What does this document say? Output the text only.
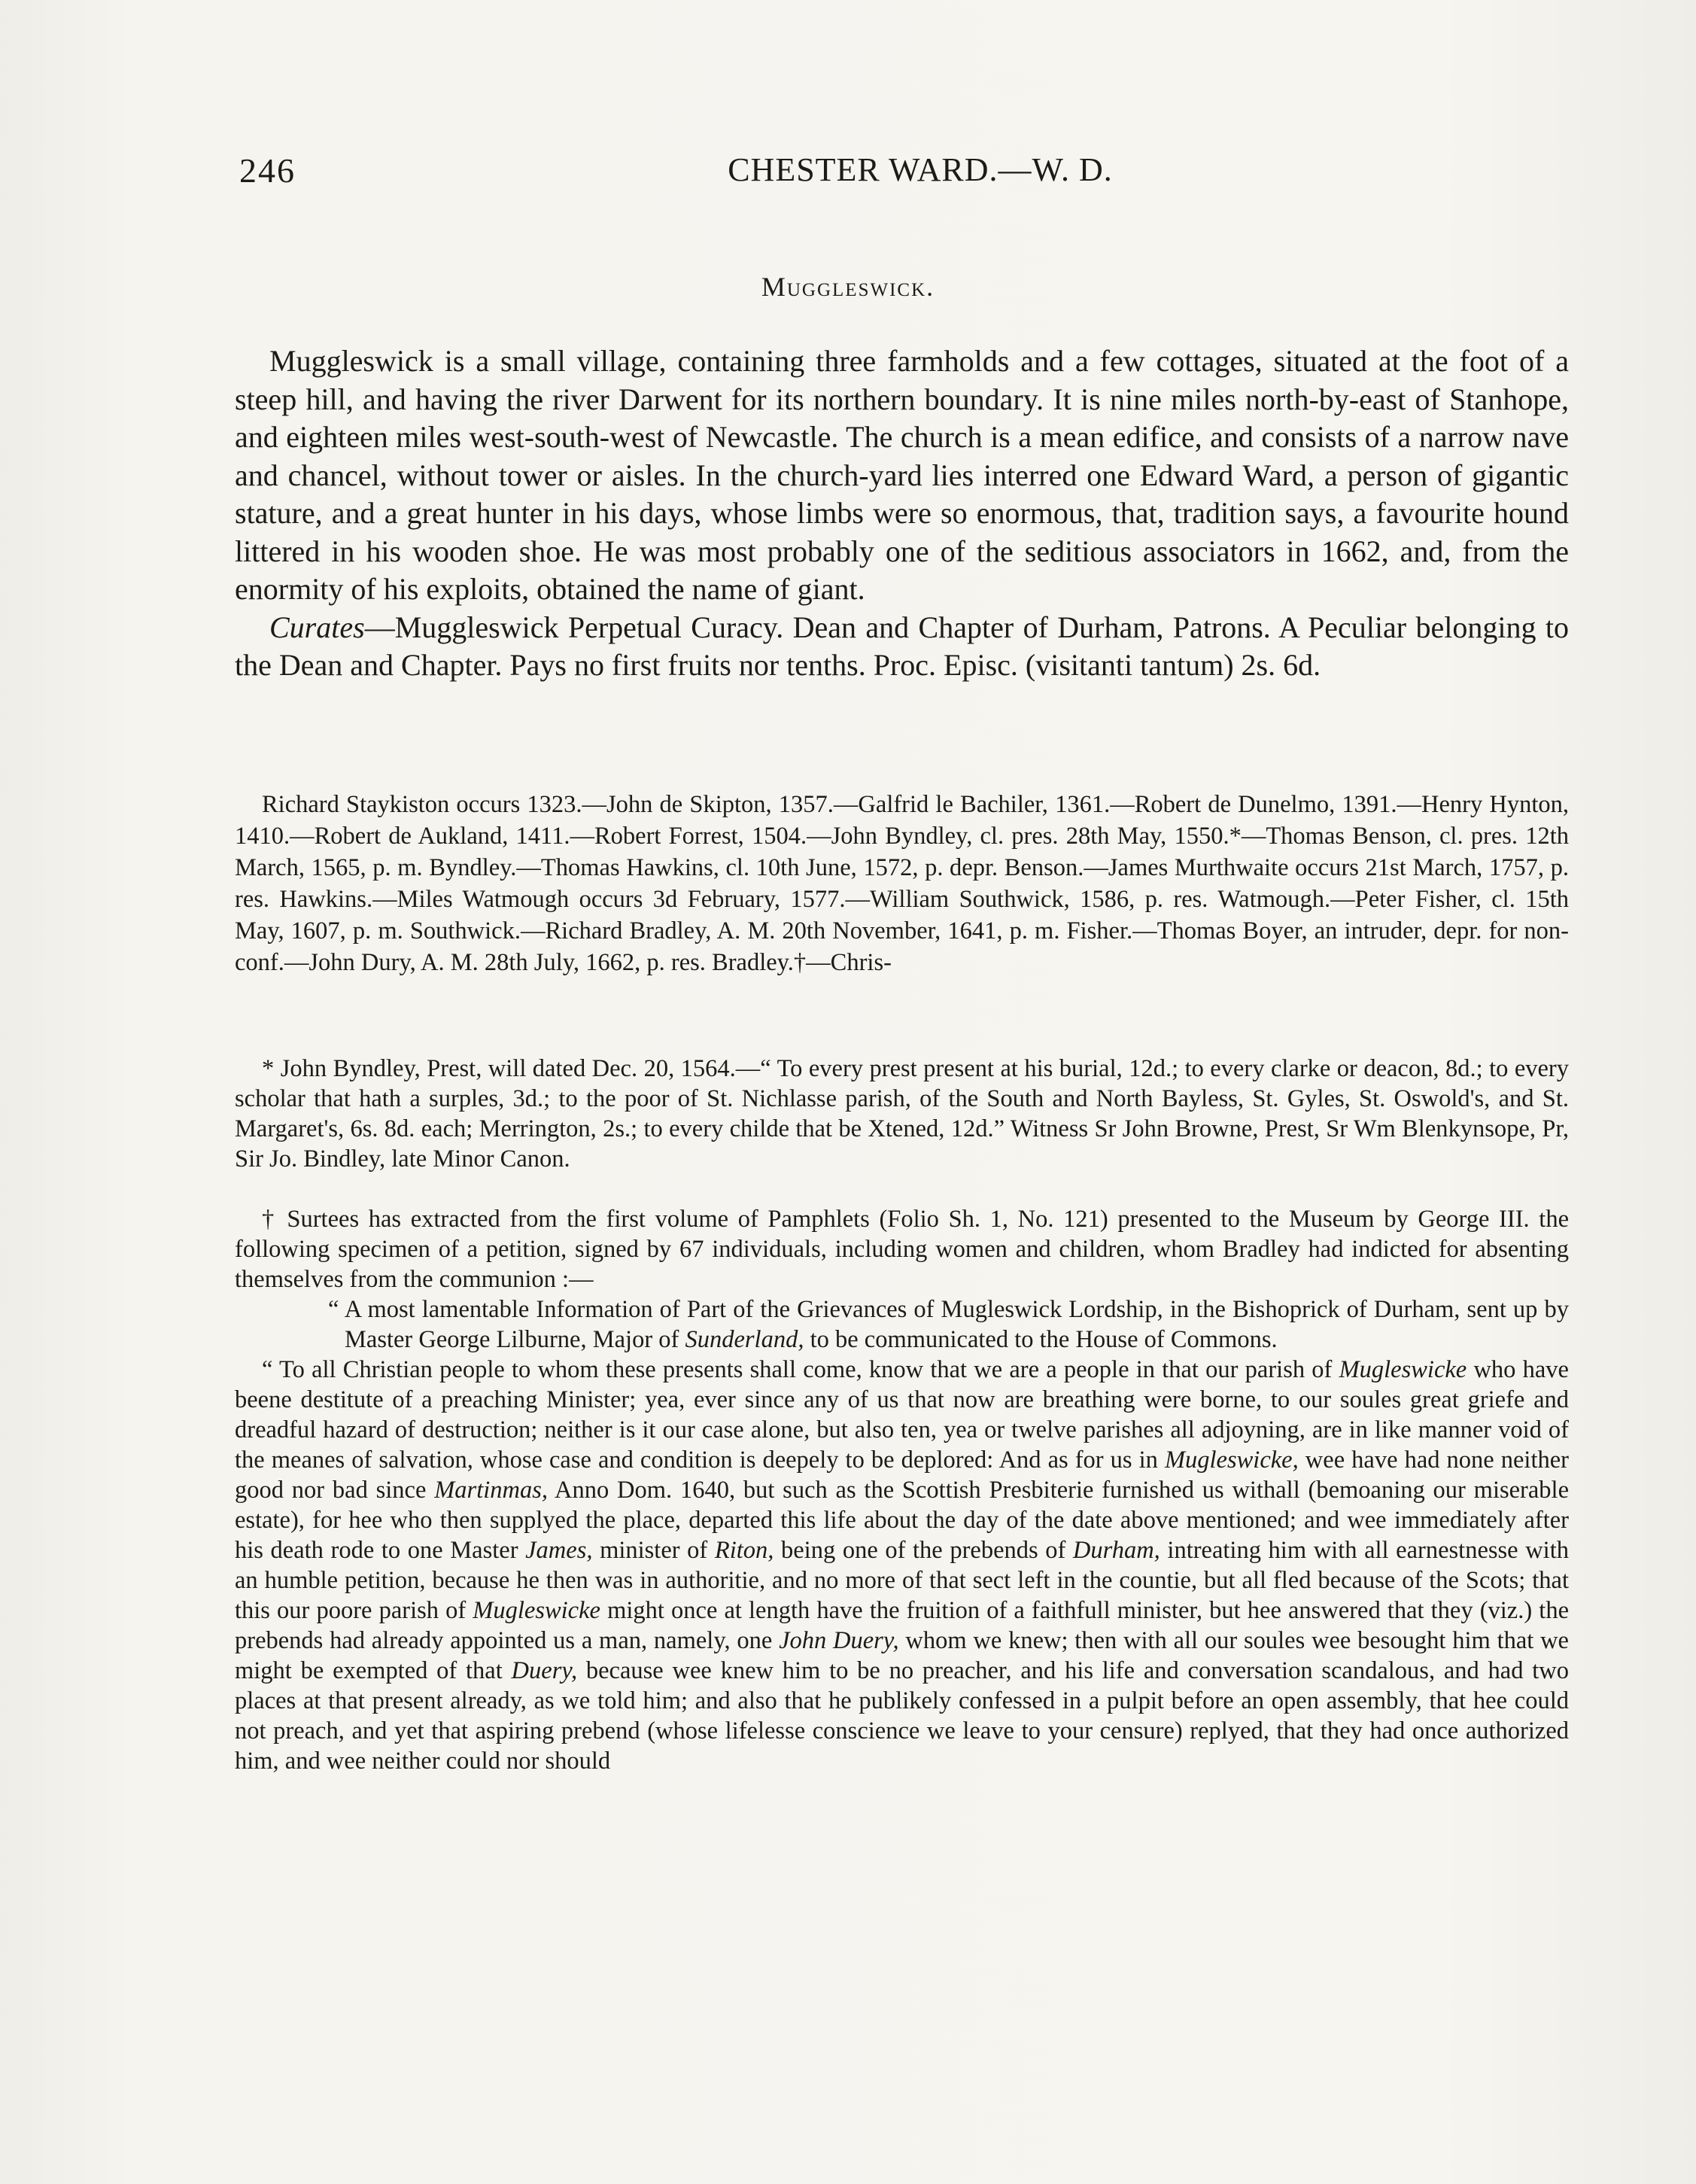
246	CHESTER WARD.—W. D.
Muggleswick.

Muggleswick is a small village, containing three farmholds and a few cottages, situated at the foot of a steep hill, and having the river Darwent for its northern boundary. It is nine miles north-by-east of Stanhope, and eighteen miles west-south-west of Newcastle. The church is a mean edifice, and consists of a narrow nave and chancel, without tower or aisles. In the church-yard lies interred one Edward Ward, a person of gigantic stature, and a great hunter in his days, whose limbs were so enormous, that, tradition says, a favourite hound littered in his wooden shoe. He was most probably one of the seditious associators in 1662, and, from the enormity of his exploits, obtained the name of giant.

Curates—Muggleswick Perpetual Curacy. Dean and Chapter of Durham, Patrons. A Peculiar belonging to the Dean and Chapter. Pays no first fruits nor tenths. Proc. Episc. (visitanti tantum) 2s. 6d.

Richard Staykiston occurs 1323.—John de Skipton, 1357.—Galfrid le Bachiler, 1361.—Robert de Dunelmo, 1391.—Henry Hynton, 1410.—Robert de Aukland, 1411.—Robert Forrest, 1504.—John Byndley, cl. pres. 28th May, 1550.*—Thomas Benson, cl. pres. 12th March, 1565, p. m. Byndley.—Thomas Hawkins, cl. 10th June, 1572, p. depr. Benson.—James Murthwaite occurs 21st March, 1757, p. res. Hawkins.—Miles Watmough occurs 3d February, 1577.—William Southwick, 1586, p. res. Watmough.—Peter Fisher, cl. 15th May, 1607, p. m. Southwick.—Richard Bradley, A. M. 20th November, 1641, p. m. Fisher.—Thomas Boyer, an intruder, depr. for non-conf.—John Dury, A. M. 28th July, 1662, p. res. Bradley.†—Chris-

* John Byndley, Prest, will dated Dec. 20, 1564.—“ To every prest present at his burial, 12d.; to every clarke or deacon, 8d.; to every scholar that hath a surples, 3d.; to the poor of St. Nichlasse parish, of the South and North Bayless, St. Gyles, St. Oswold's, and St. Margaret's, 6s. 8d. each; Merrington, 2s.; to every childe that be Xtened, 12d.” Witness Sr John Browne, Prest, Sr Wm Blenkynsope, Pr, Sir Jo. Bindley, late Minor Canon.

† Surtees has extracted from the first volume of Pamphlets (Folio Sh. 1, No. 121) presented to the Museum by George III. the following specimen of a petition, signed by 67 individuals, including women and children, whom Bradley had indicted for absenting themselves from the communion :—

“ A most lamentable Information of Part of the Grievances of Mugleswick Lordship, in the Bishoprick of Durham, sent up by Master George Lilburne, Major of Sunderland, to be communicated to the House of Commons.

“ To all Christian people to whom these presents shall come, know that we are a people in that our parish of Mugleswіcke who have beene destitute of a preaching Minister; yea, ever since any of us that now are breathing were borne, to our soules great griefe and dreadful hazard of destruction; neither is it our case alone, but also ten, yea or twelve parishes all adjoyning, are in like manner void of the meanes of salvation, whose case and condition is deepely to be deplored: And as for us in Mugleswіcke, wee have had none neither good nor bad since Martinmas, Anno Dom. 1640, but such as the Scottish Presbiterie furnished us withall (bemoaning our miserable estate), for hee who then supplyed the place, departed this life about the day of the date above mentioned; and wee immediately after his death rode to one Master James, minister of Riton, being one of the prebends of Durham, intreating him with all earnestnesse with an humble petition, because he then was in authoritie, and no more of that sect left in the countie, but all fled because of the Scots; that this our poore parish of Mugleswіcke might once at length have the fruition of a faithfull minister, but hee answered that they (viz.) the prebends had already appointed us a man, namely, one John Duery, whom we knew; then with all our soules wee besought him that we might be exempted of that Duery, because wee knew him to be no preacher, and his life and conversation scandalous, and had two places at that present already, as we told him; and also that he publikely confessed in a pulpit before an open assembly, that hee could not preach, and yet that aspiring prebend (whose lifelesse conscience we leave to your censure) replyed, that they had once authorized him, and wee neither could nor should
